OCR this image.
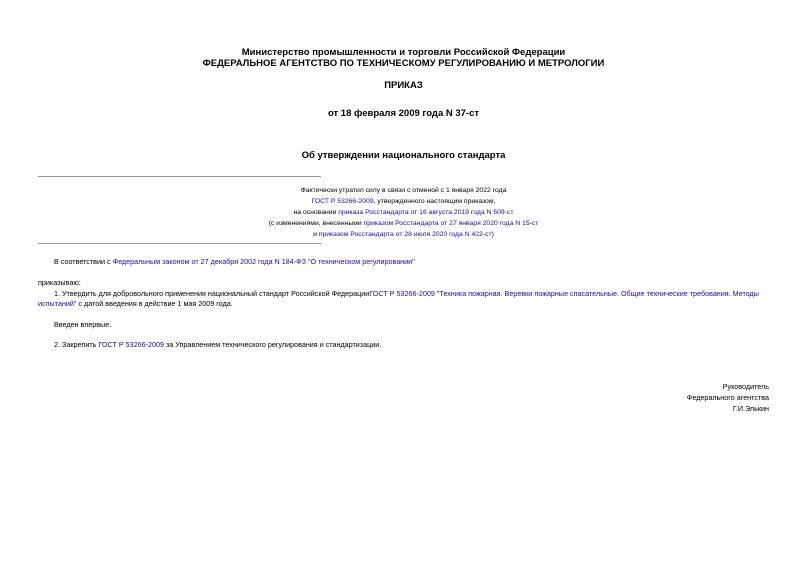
Министерство промышленности и торговли Российской Федерации
ФЕДЕРАЛЬНОЕ АГЕНТСТВО ПО ТЕХНИЧЕСКОМУ РЕГУЛИРОВАНИЮ И МЕТРОЛОГИИ
ПРИКАЗ
от 18 февраля 2009 года N 37-ст
Об утверждении национального стандарта
Фактически утратил силу в связи с отменой с 1 января 2022 года
ГОСТ Р 53266-2009, утвержденного настоящим приказом,
на основании приказа Росстандарта от 16 августа 2019 года N 509-ст
(с изменениями, внесенными приказом Росстандарта от 27 января 2020 года N 15-ст
и приказом Росстандарта от 28 июля 2020 года N 422-ст)
В соответствии с Федеральным законом от 27 декабря 2002 года N 184-ФЗ "О техническом регулировании"
приказываю:
1. Утвердить для добровольного применения национальный стандарт Российской ФедерацииГОСТ Р 53266-2009 "Техника пожарная. Веревки пожарные спасательные. Общие технические требования. Методы
испытаний" с датой введения в действие 1 мая 2009 года.
Введен впервые.
2. Закрепить ГОСТ Р 53266-2009 за Управлением технического регулирования и стандартизации.
Руководитель
Федерального агентства
Г.И.Элькин
